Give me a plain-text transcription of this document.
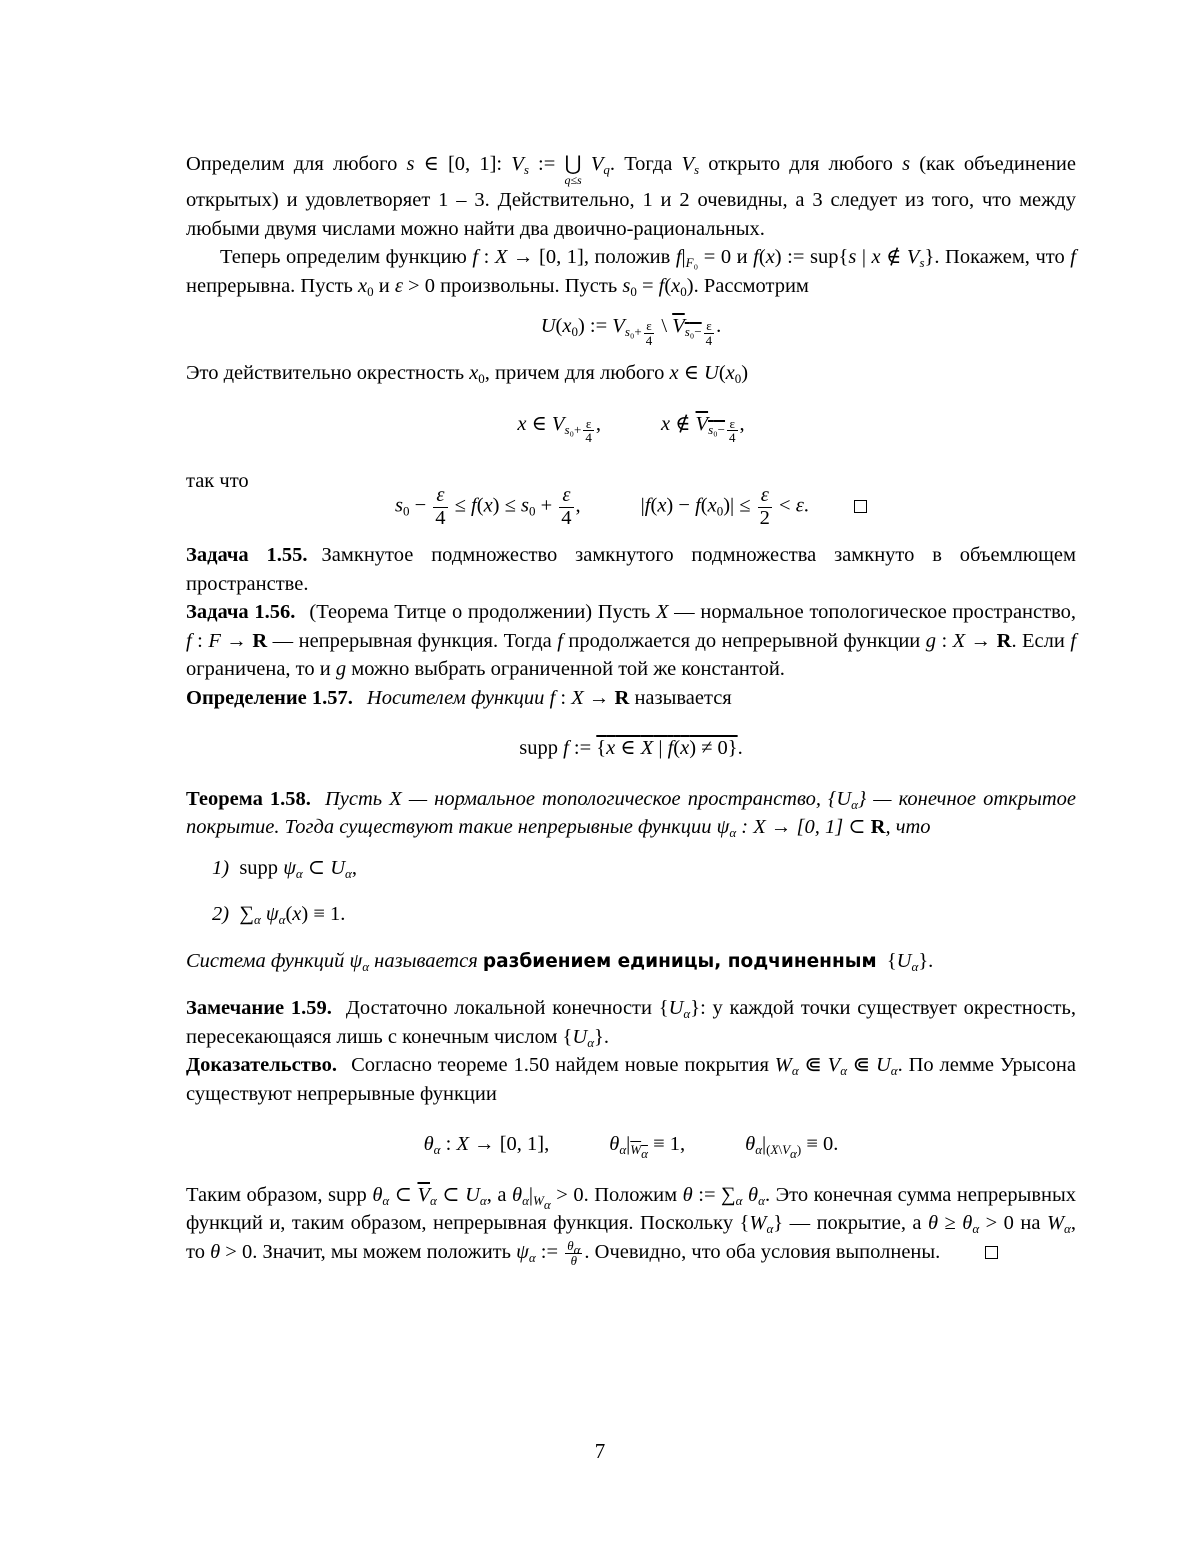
Определим для любого s ∈ [0, 1]: $V_s$ := ⋃
q≤s
$V_q$. Тогда $V_s$ открыто для любого s (как объединение открытых) и удовлетворяет 1 – 3. Действительно, 1 и 2 очевидны, а 3 следует из того, что между любыми двумя числами можно найти два двоично-рациональных.

Теперь определим функцию f : X → [0, 1], положив $f|_{F_0} = 0$ и f(x) := sup{s | x ∉ $V_s$}. Покажем, что f непрерывна. Пусть $x_0$ и ε > 0 произвольны. Пусть $s_0 = f(x_0)$. Рассмотрим

$U(x_0)$ := $V_{s_0+ \frac{\varepsilon}{4}}$ \ $V_{s_0- \frac{\varepsilon}{4}}$ .

Это действительно окрестность $x_0$, причем для любого x ∈ $U(x_0)$

x ∈ $V_{s_0+ \frac{\varepsilon}{4}}$ ,	x ∉ $V_{s_0- \frac{\varepsilon}{4}}$ ,

так что

$s_0 - \frac{\varepsilon}{4} \le f(x) \le s_0 + \frac{\varepsilon}{4}$ ,	$|f(x) - f(x_0)| \le \frac{\varepsilon}{2} < \varepsilon$.

Задача 1.55. Замкнутое подмножество замкнутого подмножества замкнуто в объемлющем пространстве.

Задача 1.56. (Теорема Титце о продолжении) Пусть X — нормальное топологическое пространство, f : F → R — непрерывная функция. Тогда f продолжается до непрерывной функции g : X → R. Если f ограничена, то и g можно выбрать ограниченной той же константой.

Определение 1.57. Носителем функции f : X → R называется

supp f := {x ∈ X | f(x) ≠ 0}.

Теорема 1.58. Пусть X — нормальное топологическое пространство, $\{U_\alpha\}$ — конечное открытое покрытие. Тогда существуют такие непрерывные функции $\psi_\alpha$ : X → [0, 1] ⊂ R, что

1)  supp $\psi_\alpha$ ⊂ $U_\alpha$,
2)  $\sum_\alpha$ $\psi_\alpha(x) \equiv 1$.

Система функций $\psi_\alpha$ называется разбиением единицы, подчиненным  $\{U_\alpha\}$.

Замечание 1.59. Достаточно локальной конечности $\{U_\alpha\}$: у каждой точки существует окрестность, пересекающаяся лишь с конечным числом $\{U_\alpha\}$.

Доказательство. Согласно теореме 1.50 найдем новые покрытия $W_\alpha$ ⋐ $V_\alpha$ ⋐ $U_\alpha$. По лемме Урысона существуют непрерывные функции

$\theta_\alpha$ : X → [0, 1],	$\theta_\alpha|_{W_\alpha} \equiv 1$,	$\theta_\alpha|_{(X\backslash V_\alpha)} \equiv 0$.

Таким образом, supp $\theta_\alpha$ ⊂ $\overline{V}_\alpha$ ⊂ $U_\alpha$, а $\theta_\alpha|_{W_\alpha} > 0$. Положим θ := $\sum_\alpha$ $\theta_\alpha$. Это конечная сумма непрерывных функций и, таким образом, непрерывная функция. Поскольку $\{W_\alpha\}$ — покрытие, а $\theta \ge \theta_\alpha > 0$ на $W_\alpha$, то θ > 0. Значит, мы можем положить $\psi_\alpha$ := $\frac{\theta_\alpha}{\theta}$ . Очевидно, что оба условия выполнены.

7
